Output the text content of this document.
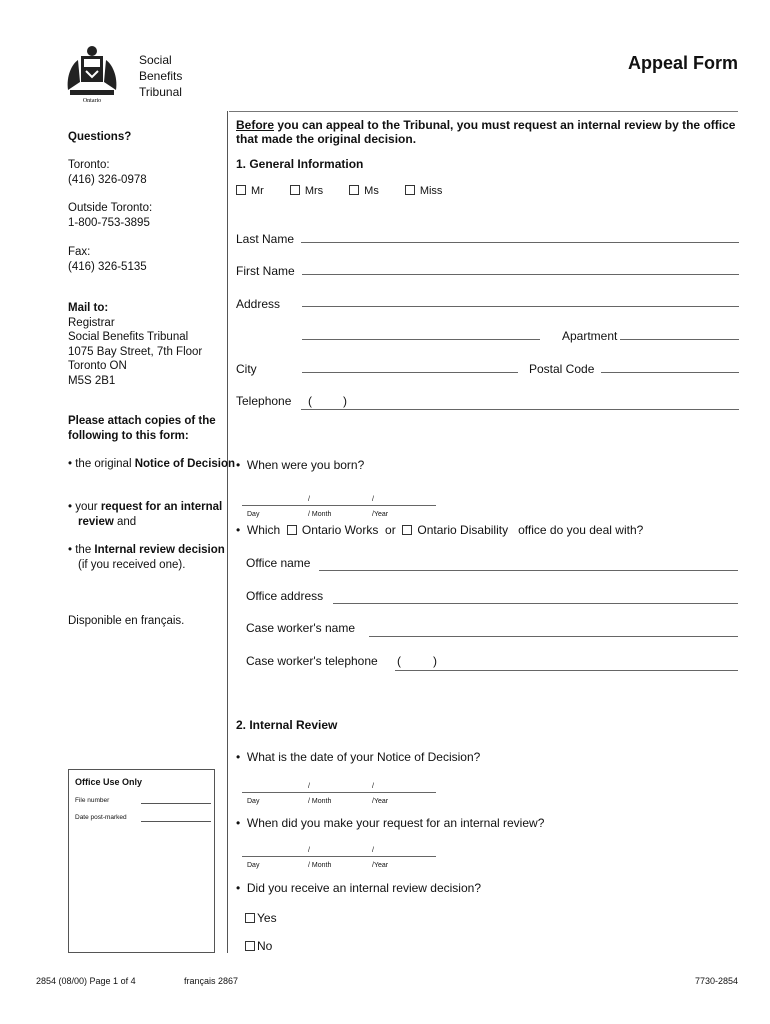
Ontario
Social
Benefits
Tribunal
Appeal Form
Questions?
Toronto:
(416) 326-0978
Outside Toronto:
1-800-753-3895
Fax:
(416) 326-5135
Mail to:
Registrar
Social Benefits Tribunal
1075 Bay Street, 7th Floor
Toronto ON
M5S 2B1
Please attach copies of the following to this form:
• the original Notice of Decision
• your request for an internal review and
• the Internal review decision (if you received one).
Disponible en français.
Office Use Only
File number
Date post-marked
Before you can appeal to the Tribunal, you must request an internal review by the office that made the original decision.
1. General Information
Mr	Mrs	Ms	Miss
Last Name
First Name
Address
Apartment
City	Postal Code
Telephone (	)
•  When were you born?
/	/
Day	/ Month	/Year
•  Which Ontario Works or Ontario Disability office do you deal with?
Office name
Office address
Case worker's name
Case worker's telephone (	)
2. Internal Review
•  What is the date of your Notice of Decision?
/	/
Day	/ Month	/Year
•  When did you make your request for an internal review?
/	/
Day	/ Month	/Year
•  Did you receive an internal review decision?
Yes
No
2854 (08/00) Page 1 of 4	français 2867	7730-2854
